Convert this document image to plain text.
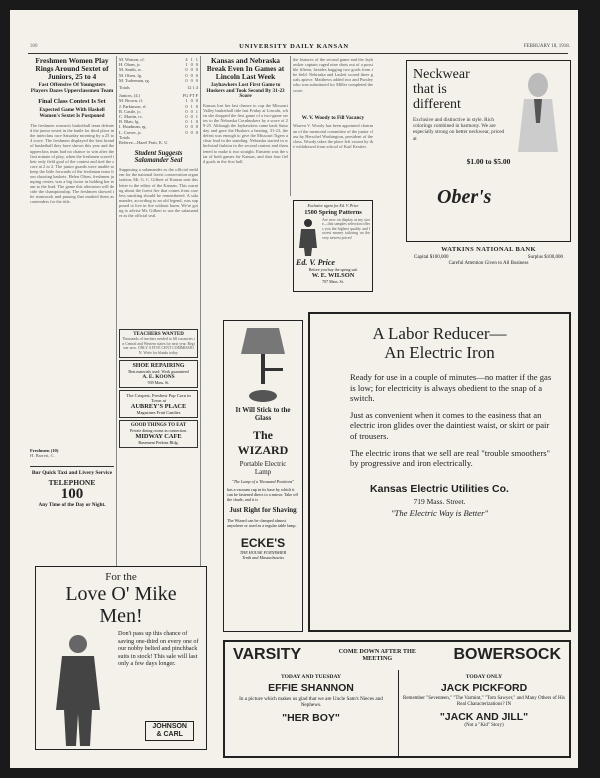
300	UNIVERSITY DAILY KANSAN	FEBRUARY 18, 1918.
Freshmen Women Play Rings Around Sextet of Juniors, 25 to 4
Fast Offensive Of Youngsters Players Dazes Upperclassmen Team
Final Class Contest Is Set
Expected Game With Haskell Women's Sextet Is Postponed
The freshmen women's basketball team defeated the junior sextet in the battle for third place in the interclass race Saturday morning by a 25 to 4 score. The freshmen displayed the best brand of basketball they have shown this year and the upperclass team had no chance to win after the first minute of play, when the freshmen scored their only field goal of the contest and tied the score at 2 to 2. The junior guards were unable to keep the little forwards of the freshman team from shooting baskets. Helen Olsen, freshmen jumping center, was a big factor in holding her team to the lead. The game this afternoon will decide the championship. The freshmen showed the teamwork and passing that marked them as contenders for the title.
Freshmen (10)
H. Barrett, C.
Bur Quick Taxi and Livery Service
TELEPHONE
100
Any Time of the Day or Night.
M. Watson, cf.	4 1 1
H. Olsen, jc.	1 0 0
M. Smith, rc.	0 0 0
M. Olsen, lg.	0 0 0
M. Tuderman, rg.	0 0 0
Totals	12 1 4
Juniors, (4.)	FG FT F
M. Brown, if.	1 0 0
J. Parkinson, rf.	0 1 0
R. Castle, jc.	0 0 1
C. Martin, rc.	0 0 1
B. Blair, lg.	0 1 0
I. Hoadman, rg.	0 0 0
L. Carver, jc.	0 0 0
Totals
Referee—Hazel Pratt, K. U.
Student Suggests Salamander Seal
Supposing a salamander as the official emblem for the national forest conservation organization, Mr. G. C. Gilbert of Kansas sent this letter to the editor of the Kansan: This warning about the forest fire that comes from careless smoking should be remembered. A salamander, according to an old legend, was supposed to live in fire without harm. We're going to advise Mr. Gilbert to use the salamander as the official seal.
TEACHERS WANTED
Thousands of teachers needed to fill vacancies in Central and Western states for next year. Register now. ONLY A FIVE CENT COMMISSION. Write for blanks today.
SHOE REPAIRING
Best materials used. Work guaranteed
A. E. KOONS
939 Mass. St.
The Crispest, Freshest Pop Corn in Town at
AUBREY'S PLACE
Magazines Fruit Candies
GOOD THINGS TO EAT
Private dining rooms in connection.
MIDWAY CAFE
Basement Perkins Bldg.
Kansas and Nebraska Break Even In Games at Lincoln Last Week
Jayhawkers Lost First Game to Huskers and Took Second By 31-23 Score
Kansas lost her last chance to cop the Missouri Valley basketball title last Friday at Lincoln, when she dropped the first game of a two-game series to the Nebraska Cornhuskers by a score of 29-25. Although the Jayhawkers came back Saturday and gave the Huskers a beating, 31-23, the defeat was enough to give the Missouri Tigers a clear lead in the standing. Nebraska started in whirlwind fashion in the second contest and threatened to make it two straight. Einstein was the star of both games for Kansas, and shot four field goals in the first half.
the features of the second game and the Jayhawker captain caged nine shots out of a possible fifteen, besides bagging two goals from the field. Nebraska and Laslett scored three goals apiece. Matthews added two and Pursley who was substituted for Miller completed the score.
W. V. Woody to Fill Vacancy
Warren V. Woody has been appointed chairman of the memorial committee of the junior class by Herschel Washington, president of the class. Woody takes the place left vacant by the withdrawal from school of Karl Kessler.
Exclusive agent for Ed. V. Price
1500 Spring Patterns
Are now on display at my store—this samples selection offers you the highest quality and lowest money tailoring on the very newest prices!
Ed. V. Price
Before you buy the spring suit
W. E. WILSON
707 Mass. St.
Neckwear
that is
different
Exclusive and distinctive in style. Rich colorings combined in harmony. We are especially strong on better neckwear, priced at
$1.00 to $5.00
Ober's
WATKINS NATIONAL BANK
Capital $100,000	Surplus $100,000
Careful Attention Given to All Business
A Labor Reducer—
An Electric Iron
Ready for use in a couple of minutes—no matter if the gas is low; for electricity is always obedient to the snap of a switch.
Just as convenient when it comes to the easiness that an electric iron glides over the daintiest waist, or skirt or pair of trousers.
The electric irons that we sell are real "trouble smoothers" by progressive and iron electrically.
Kansas Electric Utilities Co.
719 Mass. Street.
"The Electric Way is Better"
It Will Stick to the Glass
The WIZARD
Portable Electric
Lamp
"The Lamp of a Thousand Positions"
has a vacuum cup in its base by which it can be fastened direct to a mirror. Take off the shade, and it is
Just Right for Shaving
The Wizard can be clamped almost anywhere or used as a regular table lamp.
ECKE'S
THE HOUSE FURNISHER
Tenth and Massachusetts
For the
Love O' Mike
Men!
Don't pass up this chance of saving one-third on every one of our nobby belted and pinchback suits in stock! This sale will last only a few days longer.
JOHNSON
& CARL
VARSITY	COME DOWN AFTER THE MEETING	BOWERSOCK
TODAY AND TUESDAY
EFFIE SHANNON
In a picture which makes us glad that we are Uncle Sam's Nieces and Nephews.
"HER BOY"
TODAY ONLY
JACK PICKFORD
Remember "Seventeen," "The Varmint," "Tom Sawyer," and Many Others of His Real Characterizations? IN
"JACK AND JILL"
(Not a "Kid" Story)
